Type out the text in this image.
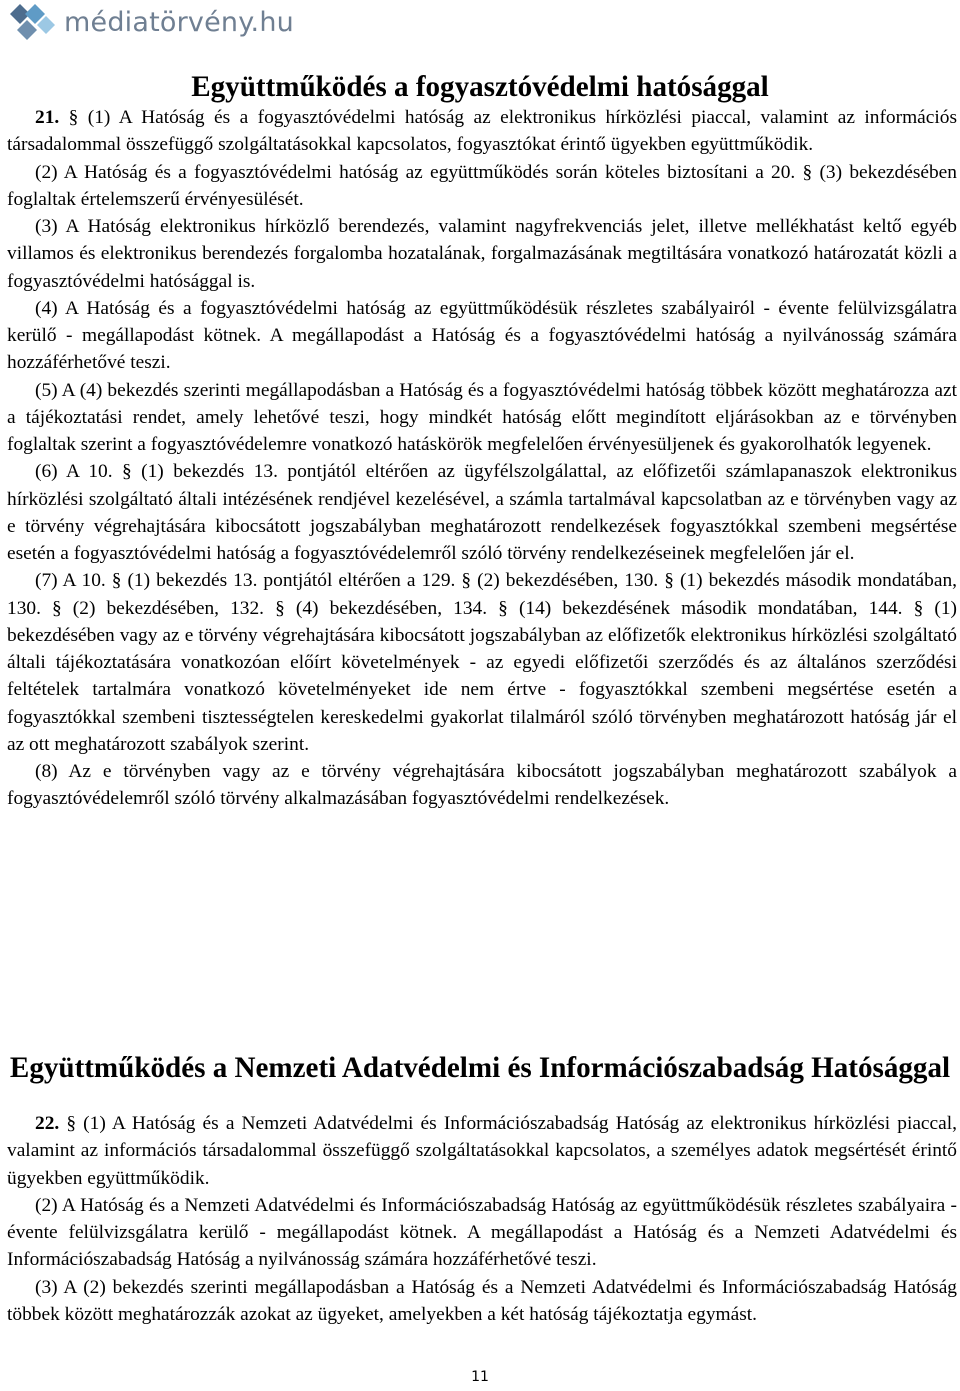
médiatörvény.hu
Együttműködés a fogyasztóvédelmi hatósággal

21. § (1) A Hatóság és a fogyasztóvédelmi hatóság az elektronikus hírközlési piaccal, valamint az információs társadalommal összefüggő szolgáltatásokkal kapcsolatos, fogyasztókat érintő ügyekben együttműködik.

(2) A Hatóság és a fogyasztóvédelmi hatóság az együttműködés során köteles biztosítani a 20. § (3) bekezdésében foglaltak értelemszerű érvényesülését.

(3) A Hatóság elektronikus hírközlő berendezés, valamint nagyfrekvenciás jelet, illetve mellékhatást keltő egyéb villamos és elektronikus berendezés forgalomba hozatalának, forgalmazásának megtiltására vonatkozó határozatát közli a fogyasztóvédelmi hatósággal is.

(4) A Hatóság és a fogyasztóvédelmi hatóság az együttműködésük részletes szabályairól - évente felülvizsgálatra kerülő - megállapodást kötnek. A megállapodást a Hatóság és a fogyasztóvédelmi hatóság a nyilvánosság számára hozzáférhetővé teszi.

(5) A (4) bekezdés szerinti megállapodásban a Hatóság és a fogyasztóvédelmi hatóság többek között meghatározza azt a tájékoztatási rendet, amely lehetővé teszi, hogy mindkét hatóság előtt megindított eljárásokban az e törvényben foglaltak szerint a fogyasztóvédelemre vonatkozó hatáskörök megfelelően érvényesüljenek és gyakorolhatók legyenek.

(6) A 10. § (1) bekezdés 13. pontjától eltérően az ügyfélszolgálattal, az előfizetői számlapanaszok elektronikus hírközlési szolgáltató általi intézésének rendjével kezelésével, a számla tartalmával kapcsolatban az e törvényben vagy az e törvény végrehajtására kibocsátott jogszabályban meghatározott rendelkezések fogyasztókkal szembeni megsértése esetén a fogyasztóvédelmi hatóság a fogyasztóvédelemről szóló törvény rendelkezéseinek megfelelően jár el.

(7) A 10. § (1) bekezdés 13. pontjától eltérően a 129. § (2) bekezdésében, 130. § (1) bekezdés második mondatában, 130. § (2) bekezdésében, 132. § (4) bekezdésében, 134. § (14) bekezdésének második mondatában, 144. § (1) bekezdésében vagy az e törvény végrehajtására kibocsátott jogszabályban az előfizetők elektronikus hírközlési szolgáltató általi tájékoztatására vonatkozóan előírt követelmények - az egyedi előfizetői szerződés és az általános szerződési feltételek tartalmára vonatkozó követelményeket ide nem értve - fogyasztókkal szembeni megsértése esetén a fogyasztókkal szembeni tisztességtelen kereskedelmi gyakorlat tilalmáról szóló törvényben meghatározott hatóság jár el az ott meghatározott szabályok szerint.

(8) Az e törvényben vagy az e törvény végrehajtására kibocsátott jogszabályban meghatározott szabályok a fogyasztóvédelemről szóló törvény alkalmazásában fogyasztóvédelmi rendelkezések.

Együttműködés a Nemzeti Adatvédelmi és Információszabadság Hatósággal

22. § (1) A Hatóság és a Nemzeti Adatvédelmi és Információszabadság Hatóság az elektronikus hírközlési piaccal, valamint az információs társadalommal összefüggő szolgáltatásokkal kapcsolatos, a személyes adatok megsértését érintő ügyekben együttműködik.

(2) A Hatóság és a Nemzeti Adatvédelmi és Információszabadság Hatóság az együttműködésük részletes szabályaira - évente felülvizsgálatra kerülő - megállapodást kötnek. A megállapodást a Hatóság és a Nemzeti Adatvédelmi és Információszabadság Hatóság a nyilvánosság számára hozzáférhetővé teszi.

(3) A (2) bekezdés szerinti megállapodásban a Hatóság és a Nemzeti Adatvédelmi és Információszabadság Hatóság többek között meghatározzák azokat az ügyeket, amelyekben a két hatóság tájékoztatja egymást.

11
